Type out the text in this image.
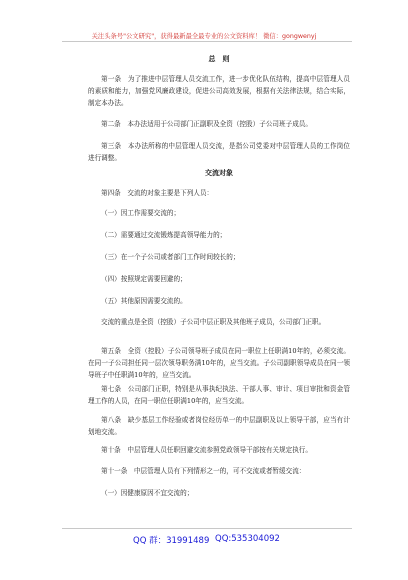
关注头条号"公文研究"，获得最新最全最专业的公文资料库！ 微信：gongwenyj
总　则

第一条　为了推进中层管理人员交流工作，进一步优化队伍结构，提高中层管理人员的素质和能力，加强党风廉政建设，促进公司高效发展，根据有关法律法规，结合实际，制定本办法。

第二条　本办法适用于公司部门正副职及全资（控股）子公司班子成员。

第三条　本办法所称的中层管理人员交流，是指公司党委对中层管理人员的工作岗位进行调整。

交流对象

第四条　交流的对象主要是下列人员：

（一）因工作需要交流的；

（二）需要通过交流锻炼提高领导能力的；

（三）在一个子公司或者部门工作时间较长的；

（四）按照规定需要回避的；

（五）其他原因需要交流的。

交流的重点是全资（控股）子公司中层正职及其他班子成员，公司部门正职。

第五条　全资（控股）子公司领导班子成员在同一职位上任职满10年的，必须交流。在同一子公司担任同一层次领导职务满10年的，应当交流。子公司副职领导成员在同一领导班子中任职满10年的，应当交流。

第七条　公司部门正职，特别是从事执纪执法、干部人事、审计、项目审批和资金管理工作的人员，在同一职位任职满10年的，应当交流。

第八条　缺少基层工作经验或者岗位经历单一的中层副职及以上领导干部，应当有计划地交流。

第十条　中层管理人员任职回避交流参照党政领导干部按有关规定执行。

第十一条　中层管理人员有下列情形之一的，可不交流或者暂缓交流：

（一）因健康原因不宜交流的；

QQ 群：31991489 QQ:535304092
